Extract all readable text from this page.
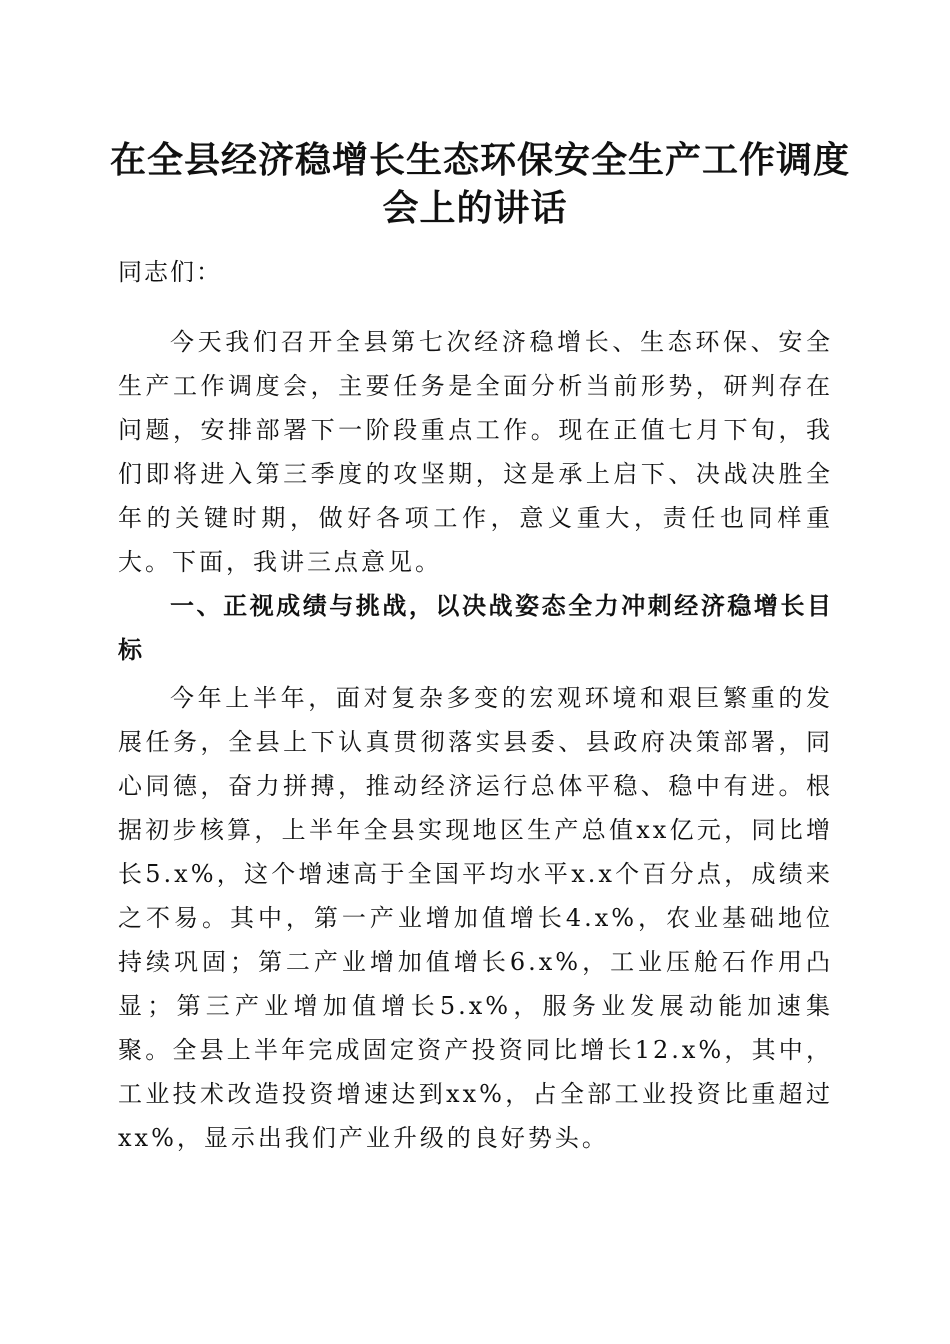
在全县经济稳增长生态环保安全生产工作调度
会上的讲话
同志们：
今天我们召开全县第七次经济稳增长、生态环保、安全生产工作调度会，主要任务是全面分析当前形势，研判存在问题，安排部署下一阶段重点工作。现在正值七月下旬，我们即将进入第三季度的攻坚期，这是承上启下、决战决胜全年的关键时期，做好各项工作，意义重大，责任也同样重大。下面，我讲三点意见。
一、正视成绩与挑战，以决战姿态全力冲刺经济稳增长目标
今年上半年，面对复杂多变的宏观环境和艰巨繁重的发展任务，全县上下认真贯彻落实县委、县政府决策部署，同心同德，奋力拼搏，推动经济运行总体平稳、稳中有进。根据初步核算，上半年全县实现地区生产总值xx亿元，同比增长5.x%，这个增速高于全国平均水平x.x个百分点，成绩来之不易。其中，第一产业增加值增长4.x%，农业基础地位持续巩固；第二产业增加值增长6.x%，工业压舱石作用凸显；第三产业增加值增长5.x%，服务业发展动能加速集聚。全县上半年完成固定资产投资同比增长12.x%，其中，工业技术改造投资增速达到xx%，占全部工业投资比重超过xx%，显示出我们产业升级的良好势头。
